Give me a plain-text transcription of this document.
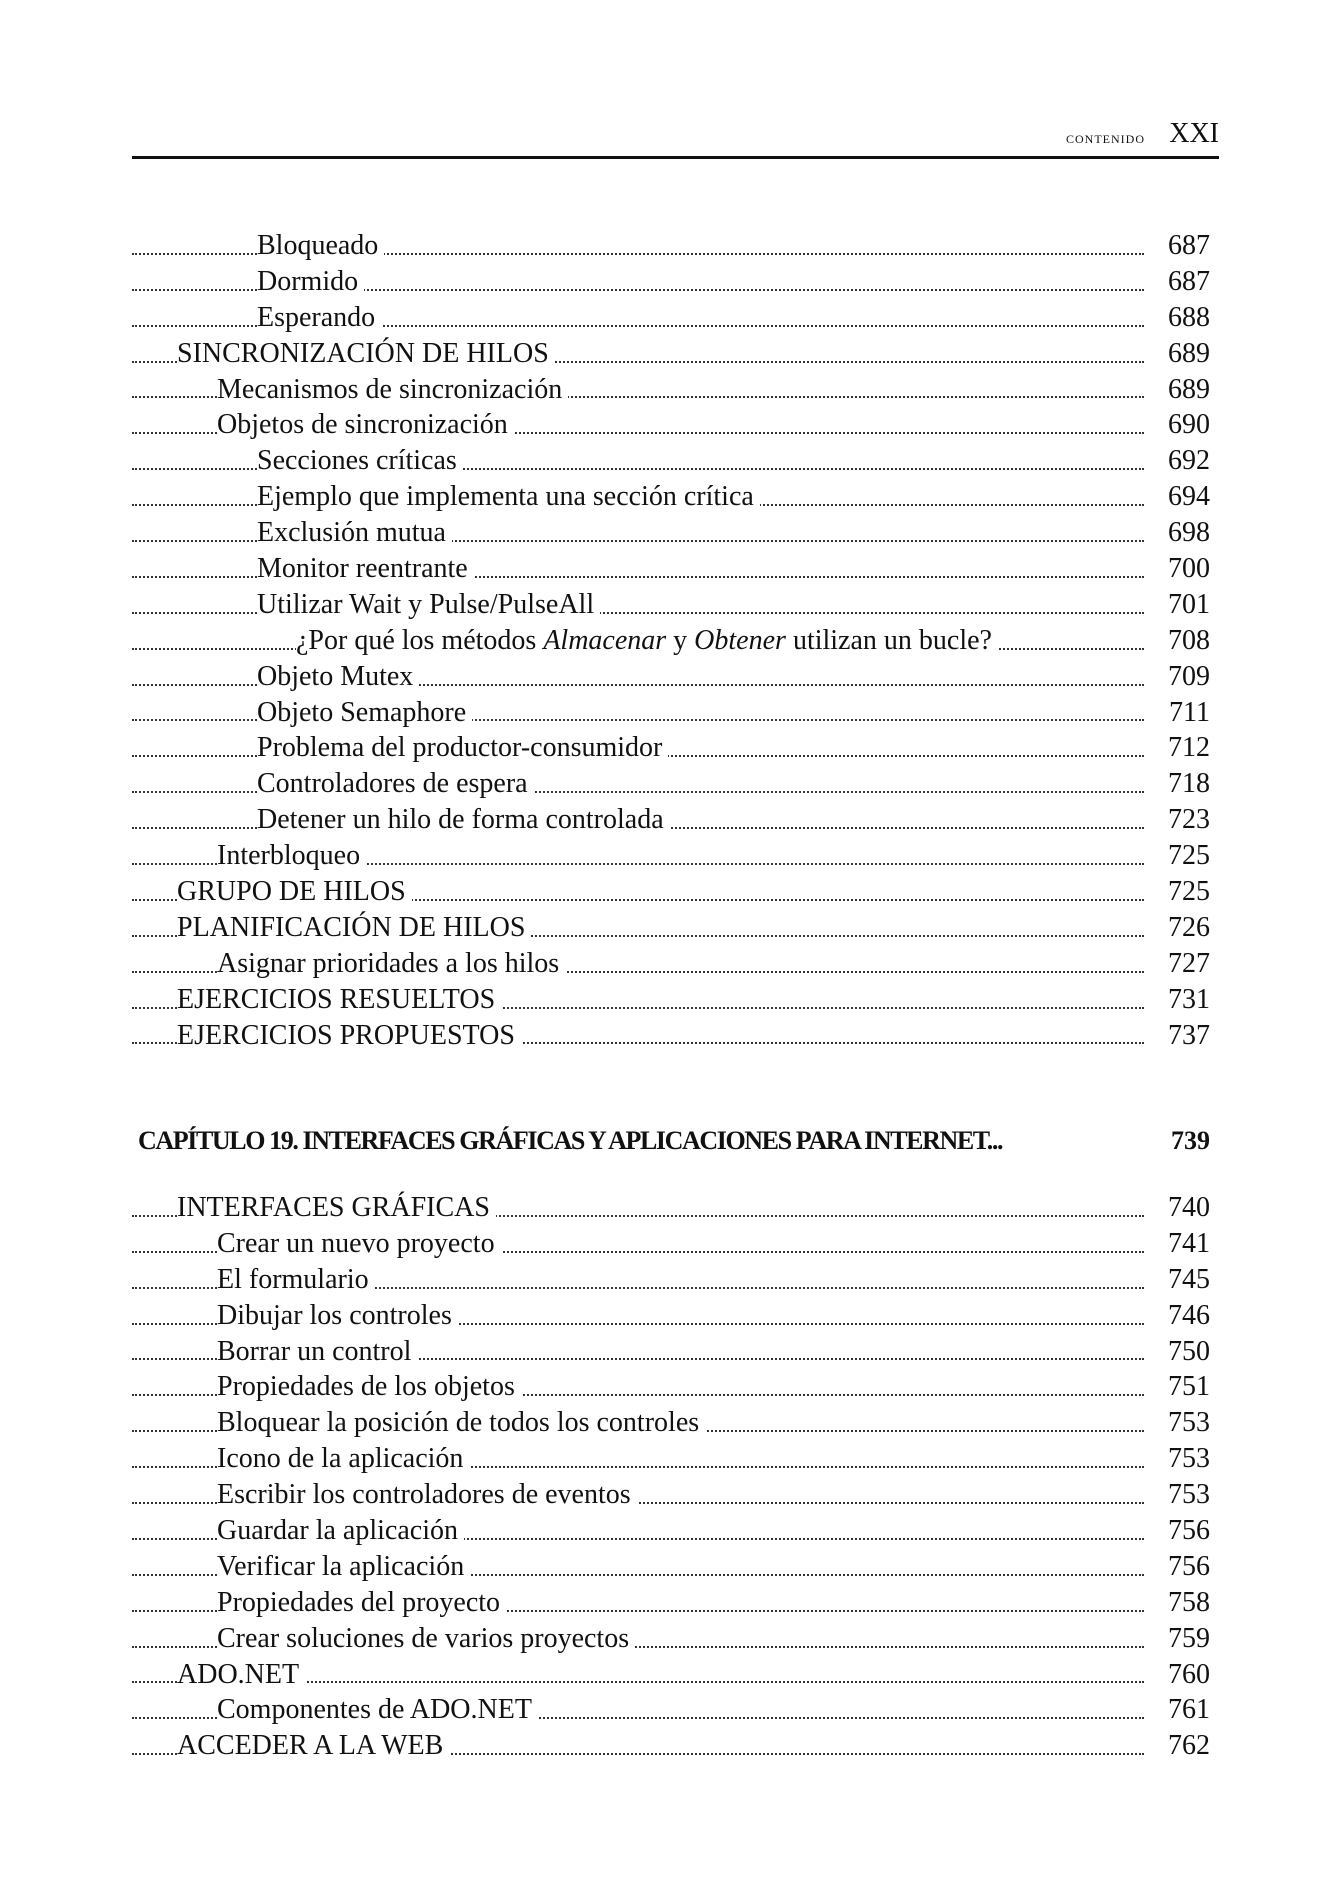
contenido XXI
Bloqueado	687
Dormido	687
Esperando	688
SINCRONIZACIÓN DE HILOS	689
Mecanismos de sincronización	689
Objetos de sincronización	690
Secciones críticas	692
Ejemplo que implementa una sección crítica	694
Exclusión mutua	698
Monitor reentrante	700
Utilizar Wait y Pulse/PulseAll	701
¿Por qué los métodos Almacenar y Obtener utilizan un bucle?	708
Objeto Mutex	709
Objeto Semaphore	711
Problema del productor-consumidor	712
Controladores de espera	718
Detener un hilo de forma controlada	723
Interbloqueo	725
GRUPO DE HILOS	725
PLANIFICACIÓN DE HILOS	726
Asignar prioridades a los hilos	727
EJERCICIOS RESUELTOS	731
EJERCICIOS PROPUESTOS	737
CAPÍTULO 19. INTERFACES GRÁFICAS Y APLICACIONES PARA INTERNET...	739
INTERFACES GRÁFICAS	740
Crear un nuevo proyecto	741
El formulario	745
Dibujar los controles	746
Borrar un control	750
Propiedades de los objetos	751
Bloquear la posición de todos los controles	753
Icono de la aplicación	753
Escribir los controladores de eventos	753
Guardar la aplicación	756
Verificar la aplicación	756
Propiedades del proyecto	758
Crear soluciones de varios proyectos	759
ADO.NET	760
Componentes de ADO.NET	761
ACCEDER A LA WEB	762
